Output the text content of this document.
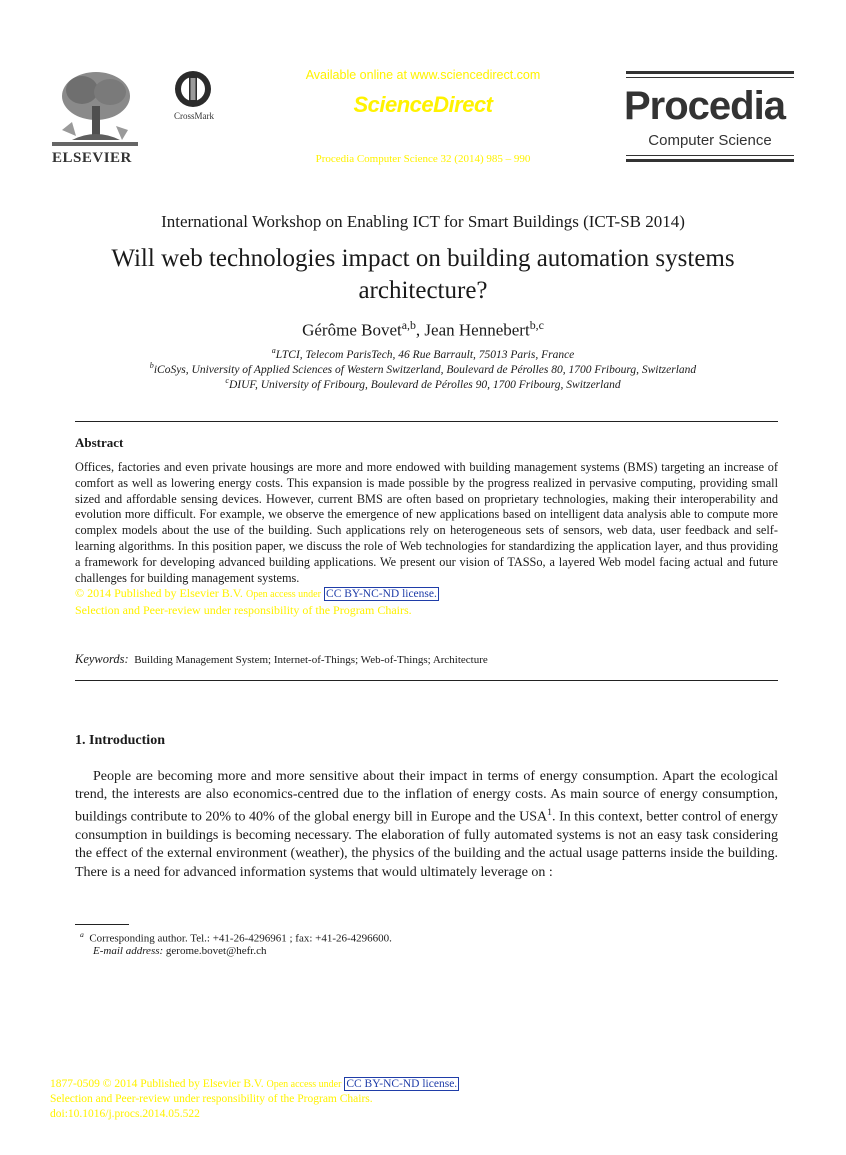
ELSEVIER
CrossMark
Available online at www.sciencedirect.com
ScienceDirect
Procedia Computer Science 32 (2014) 985 – 990
Procedia
Computer Science
International Workshop on Enabling ICT for Smart Buildings (ICT-SB 2014)
Will web technologies impact on building automation systems
architecture?
Gérôme Bovet$^{a,b}$, Jean Hennebert$^{b,c}$
$^a$LTCI, Telecom ParisTech, 46 Rue Barrault, 75013 Paris, France
$^b$iCoSys, University of Applied Sciences of Western Switzerland, Boulevard de Pérolles 80, 1700 Fribourg, Switzerland
$^c$DIUF, University of Fribourg, Boulevard de Pérolles 90, 1700 Fribourg, Switzerland
Abstract
Offices, factories and even private housings are more and more endowed with building management systems (BMS) targeting an increase of comfort as well as lowering energy costs. This expansion is made possible by the progress realized in pervasive computing, providing small sized and affordable sensing devices. However, current BMS are often based on proprietary technologies, making their interoperability and evolution more difficult. For example, we observe the emergence of new applications based on intelligent data analysis able to compute more complex models about the use of the building. Such applications rely on heterogeneous sets of sensors, web data, user feedback and self-learning algorithms. In this position paper, we discuss the role of Web technologies for standardizing the application layer, and thus providing a framework for developing advanced building applications. We present our vision of TASSo, a layered Web model facing actual and future challenges for building management systems.
© 2014 Published by Elsevier B.V. Open access under CC BY-NC-ND license.
Selection and Peer-review under responsibility of the Program Chairs.
Keywords: Building Management System; Internet-of-Things; Web-of-Things; Architecture
1. Introduction

People are becoming more and more sensitive about their impact in terms of energy consumption. Apart the ecological trend, the interests are also economics-centred due to the inflation of energy costs. As main source of energy consumption, buildings contribute to 20% to 40% of the global energy bill in Europe and the USA$^1$. In this context, better control of energy consumption in buildings is becoming necessary. The elaboration of fully automated systems is not an easy task considering the effect of the external environment (weather), the physics of the building and the actual usage patterns inside the building. There is a need for advanced information systems that would ultimately leverage on :

$^a$ Corresponding author. Tel.: +41-26-4296961 ; fax: +41-26-4296600.
E-mail address: gerome.bovet@hefr.ch
1877-0509 © 2014 Published by Elsevier B.V. Open access under CC BY-NC-ND license.
Selection and Peer-review under responsibility of the Program Chairs.
doi:10.1016/j.procs.2014.05.522
